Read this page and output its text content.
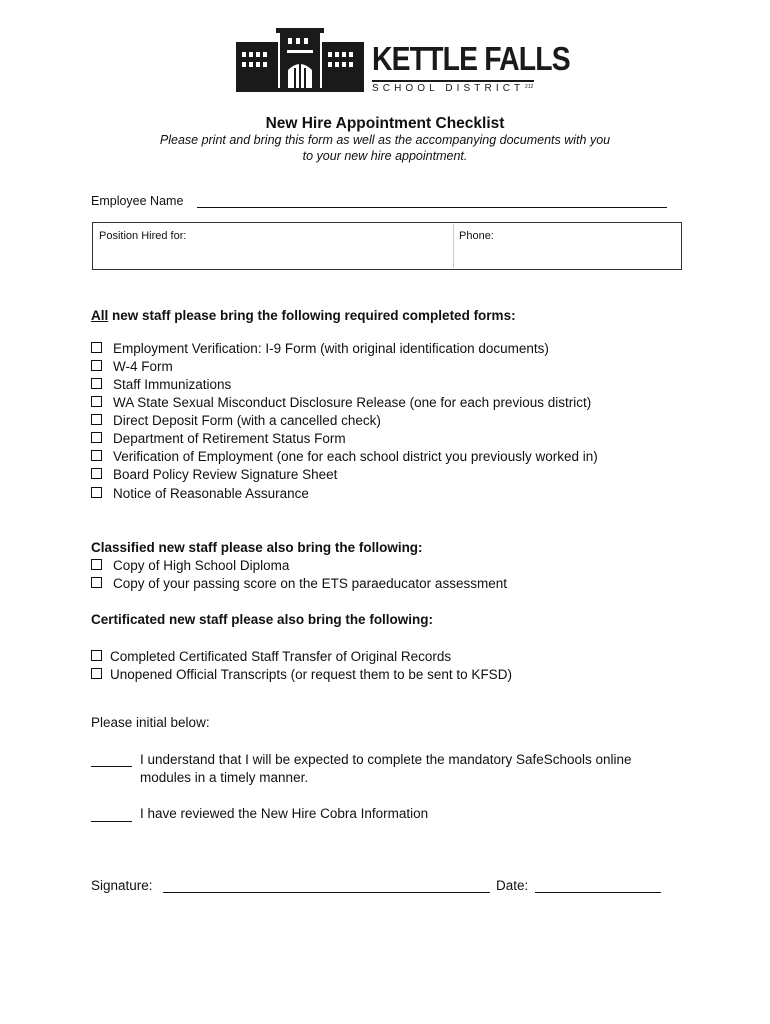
KETTLE FALLS
SCHOOL DISTRICT 212
New Hire Appointment Checklist
Please print and bring this form as well as the accompanying documents with you
to your new hire appointment.
Employee Name
Position Hired for:	Phone:
All new staff please bring the following required completed forms:
Employment Verification: I-9 Form (with original identification documents)
W-4 Form
Staff Immunizations
WA State Sexual Misconduct Disclosure Release (one for each previous district)
Direct Deposit Form (with a cancelled check)
Department of Retirement Status Form
Verification of Employment (one for each school district you previously worked in)
Board Policy Review Signature Sheet
Notice of Reasonable Assurance
Classified new staff please also bring the following:
Copy of High School Diploma
Copy of your passing score on the ETS paraeducator assessment
Certificated new staff please also bring the following:
Completed Certificated Staff Transfer of Original Records
Unopened Official Transcripts (or request them to be sent to KFSD)
Please initial below:
I understand that I will be expected to complete the mandatory SafeSchools online modules in a timely manner.
I have reviewed the New Hire Cobra Information
Signature:	Date:
